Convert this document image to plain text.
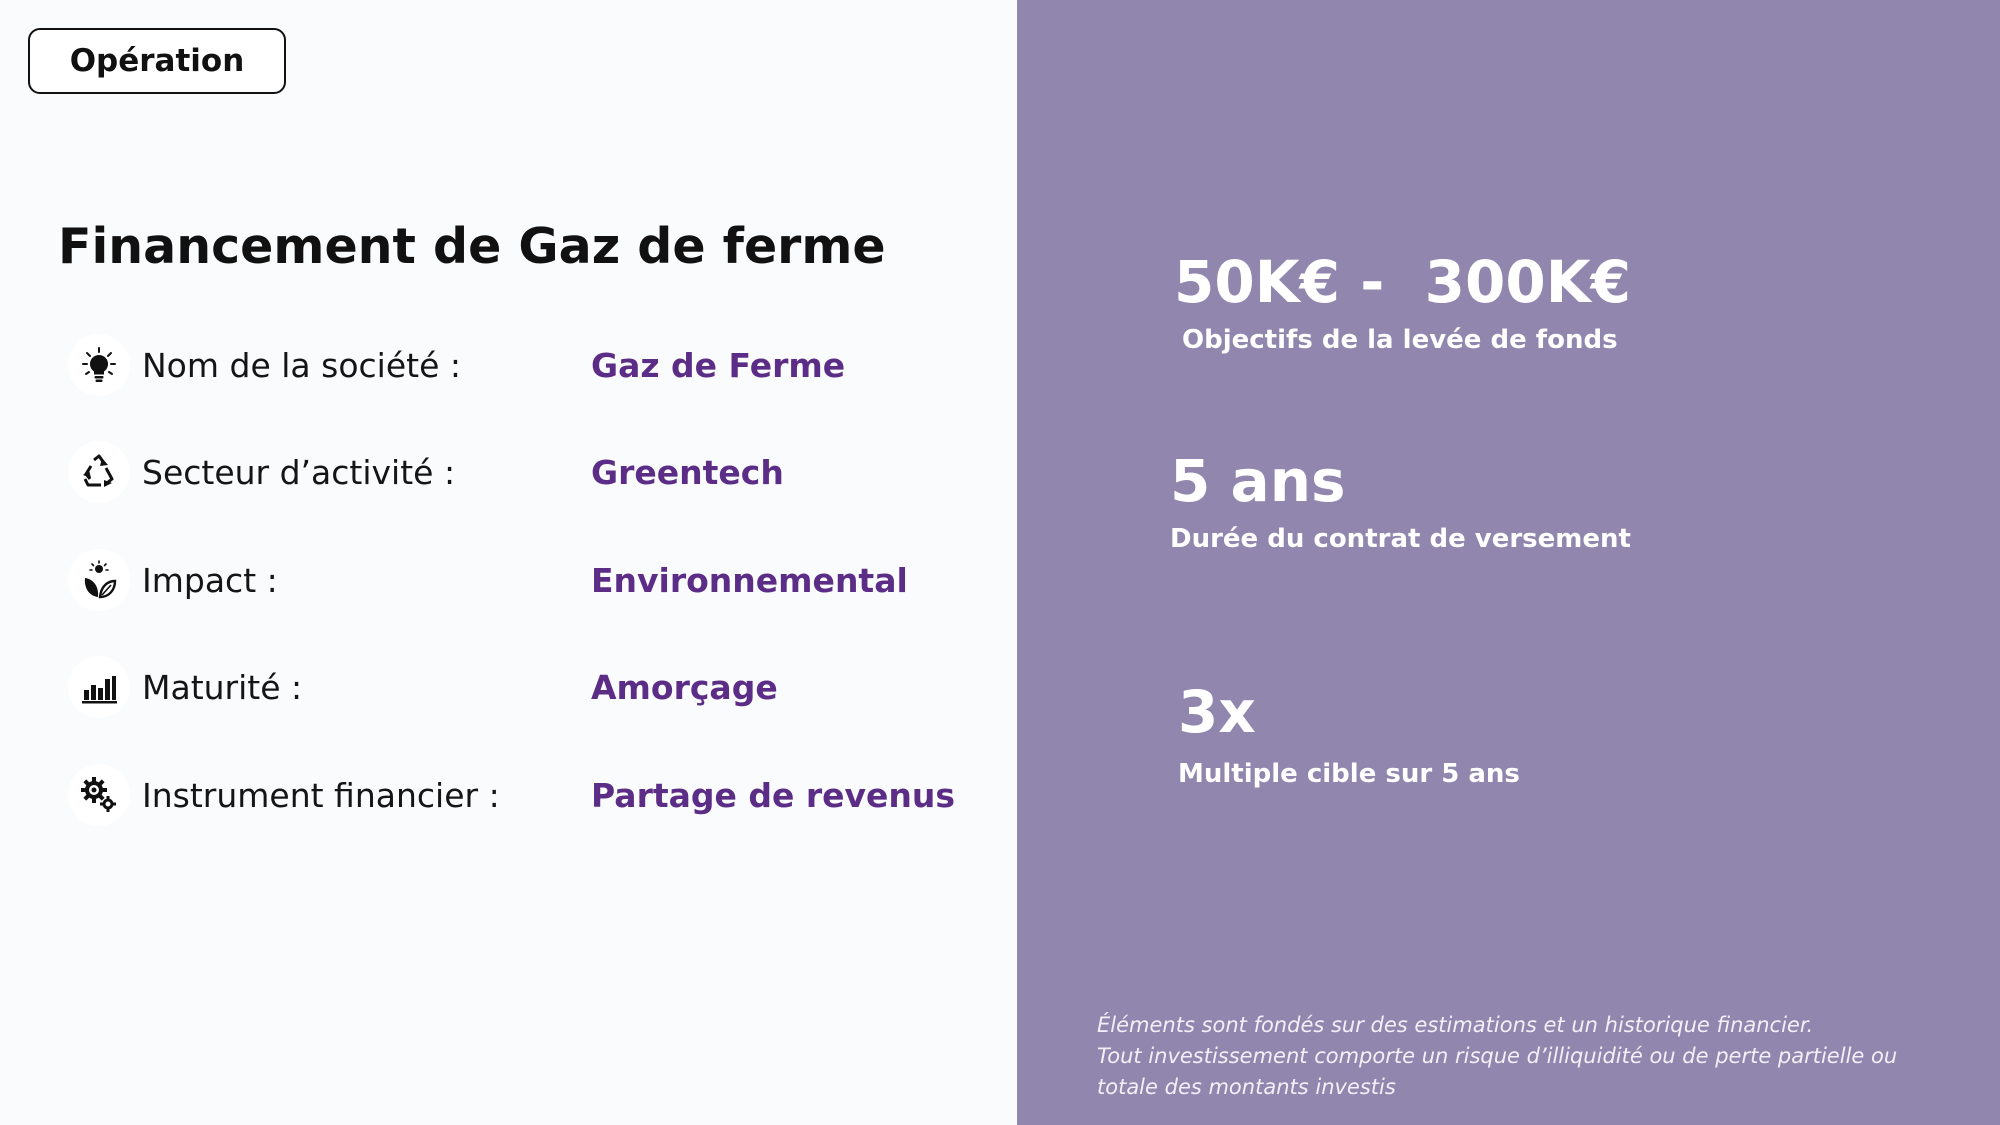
Opération
Financement de Gaz de ferme
Nom de la société :	Gaz de Ferme
Secteur d’activité :	Greentech
Impact :	Environnemental
Maturité :	Amorçage
Instrument financier :	Partage de revenus
50K€ -  300K€
Objectifs de la levée de fonds
5 ans
Durée du contrat de versement
3x
Multiple cible sur 5 ans
Éléments sont fondés sur des estimations et un historique financier.
Tout investissement comporte un risque d’illiquidité ou de perte partielle ou
totale des montants investis
